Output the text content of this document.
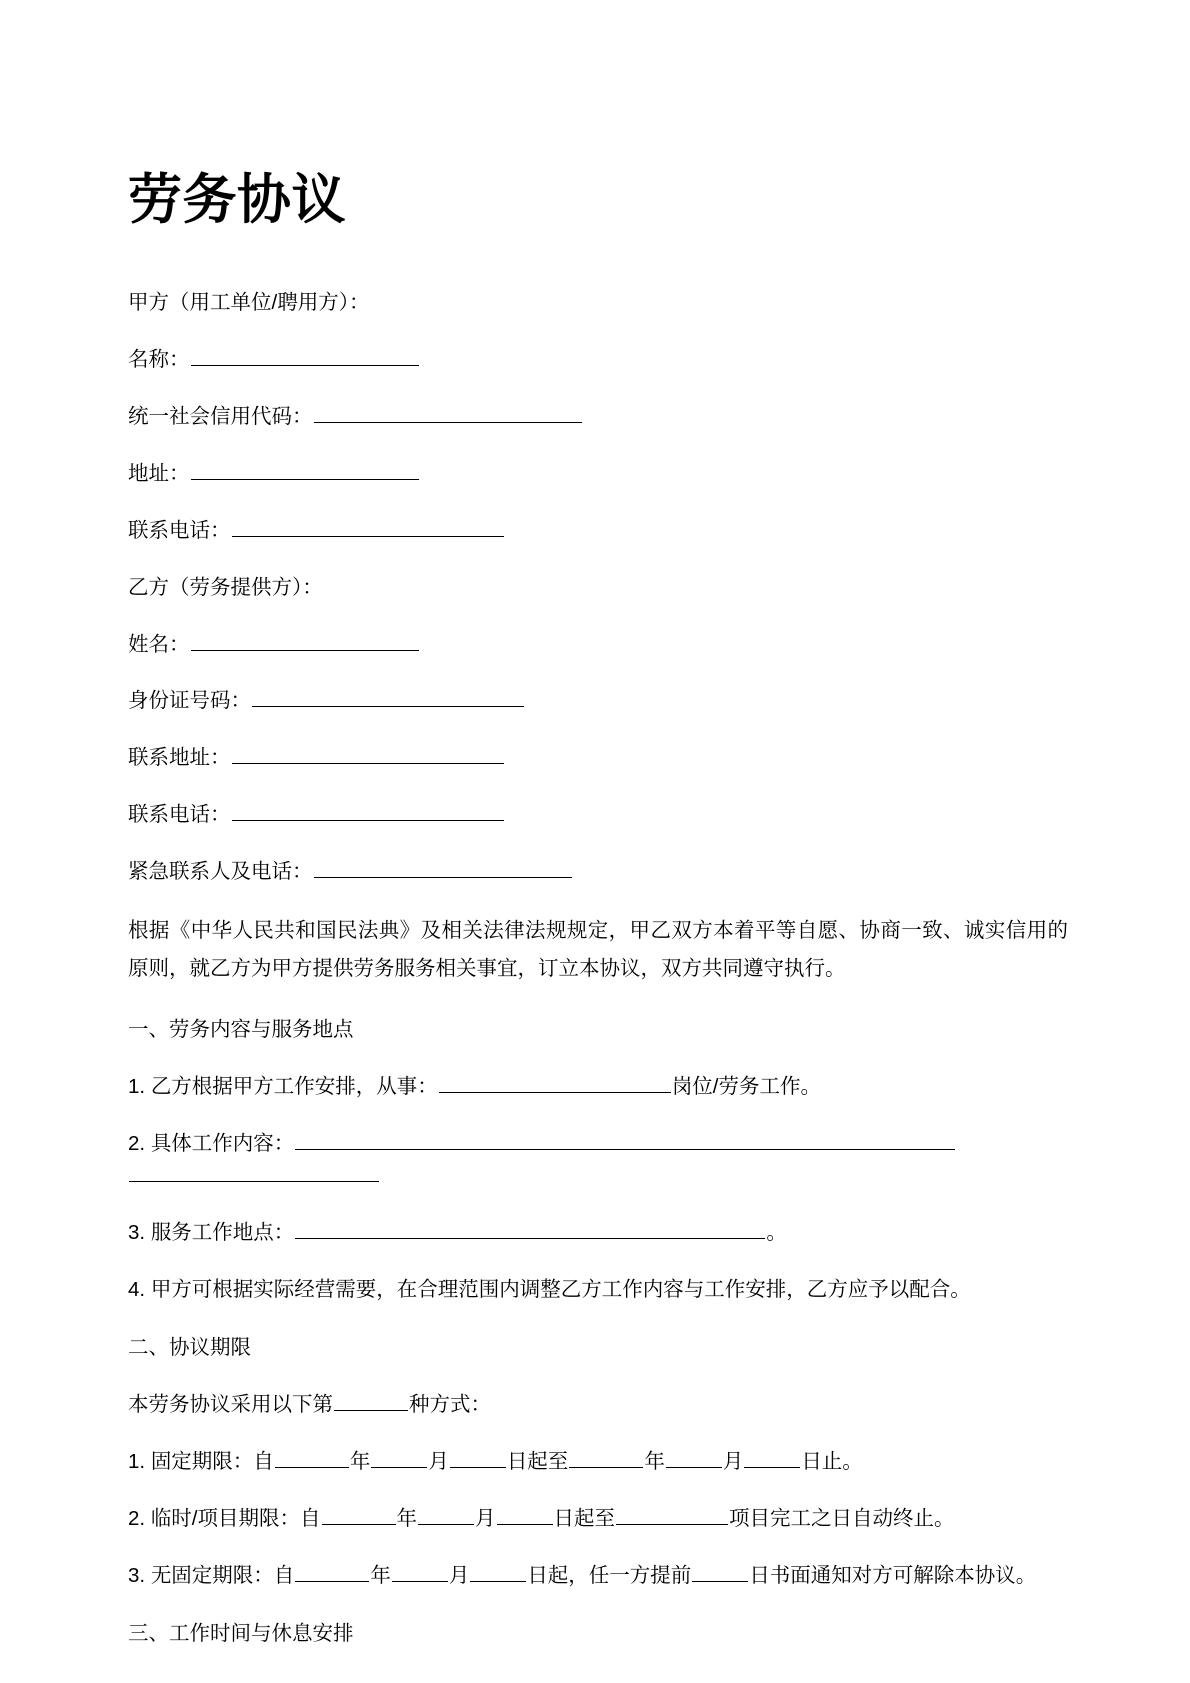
劳务协议

甲方（用工单位/聘用方）：

名称：

统一社会信用代码：

地址：

联系电话：

乙方（劳务提供方）：

姓名：

身份证号码：

联系地址：

联系电话：

紧急联系人及电话：

根据《中华人民共和国民法典》及相关法律法规规定，甲乙双方本着平等自愿、协商一致、诚实信用的原则，就乙方为甲方提供劳务服务相关事宜，订立本协议，双方共同遵守执行。

一、劳务内容与服务地点

1. 乙方根据甲方工作安排，从事：	岗位/劳务工作。

2. 具体工作内容：

3. 服务工作地点：	。

4. 甲方可根据实际经营需要，在合理范围内调整乙方工作内容与工作安排，乙方应予以配合。

二、协议期限

本劳务协议采用以下第	种方式：

1. 固定期限：自	年	月	日起至	年	月	日止。

2. 临时/项目期限：自	年	月	日起至	项目完工之日自动终止。

3. 无固定期限：自	年	月	日起，任一方提前	日书面通知对方可解除本协议。

三、工作时间与休息安排
